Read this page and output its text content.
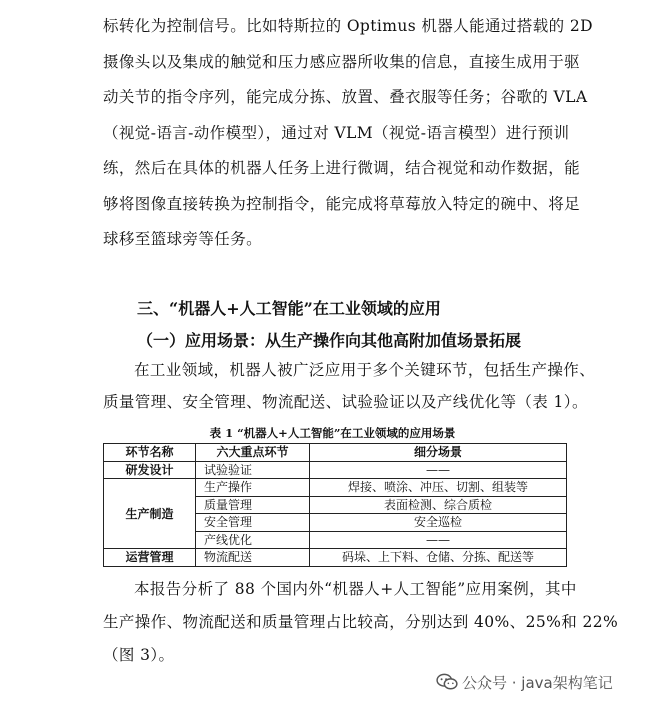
标转化为控制信号。比如特斯拉的 Optimus 机器人能通过搭载的 2D
摄像头以及集成的触觉和压力感应器所收集的信息，直接生成用于驱
动关节的指令序列，能完成分拣、放置、叠衣服等任务；谷歌的 VLA
（视觉-语言-动作模型），通过对 VLM（视觉-语言模型）进行预训
练，然后在具体的机器人任务上进行微调，结合视觉和动作数据，能
够将图像直接转换为控制指令，能完成将草莓放入特定的碗中、将足
球移至篮球旁等任务。
三、“机器人+人工智能”在工业领域的应用
（一）应用场景：从生产操作向其他高附加值场景拓展
在工业领域，机器人被广泛应用于多个关键环节，包括生产操作、
质量管理、安全管理、物流配送、试验验证以及产线优化等（表 1）。
表 1 “机器人+人工智能”在工业领域的应用场景
环节名称	六大重点环节	细分场景
研发设计	试验验证	——
生产制造	生产操作	焊接、喷涂、冲压、切割、组装等
	质量管理	表面检测、综合质检
	安全管理	安全巡检
	产线优化	——
运营管理	物流配送	码垛、上下料、仓储、分拣、配送等
本报告分析了 88 个国内外“机器人+人工智能”应用案例，其中
生产操作、物流配送和质量管理占比较高，分别达到 40%、25%和 22%
（图 3）。
公众号 · java架构笔记
